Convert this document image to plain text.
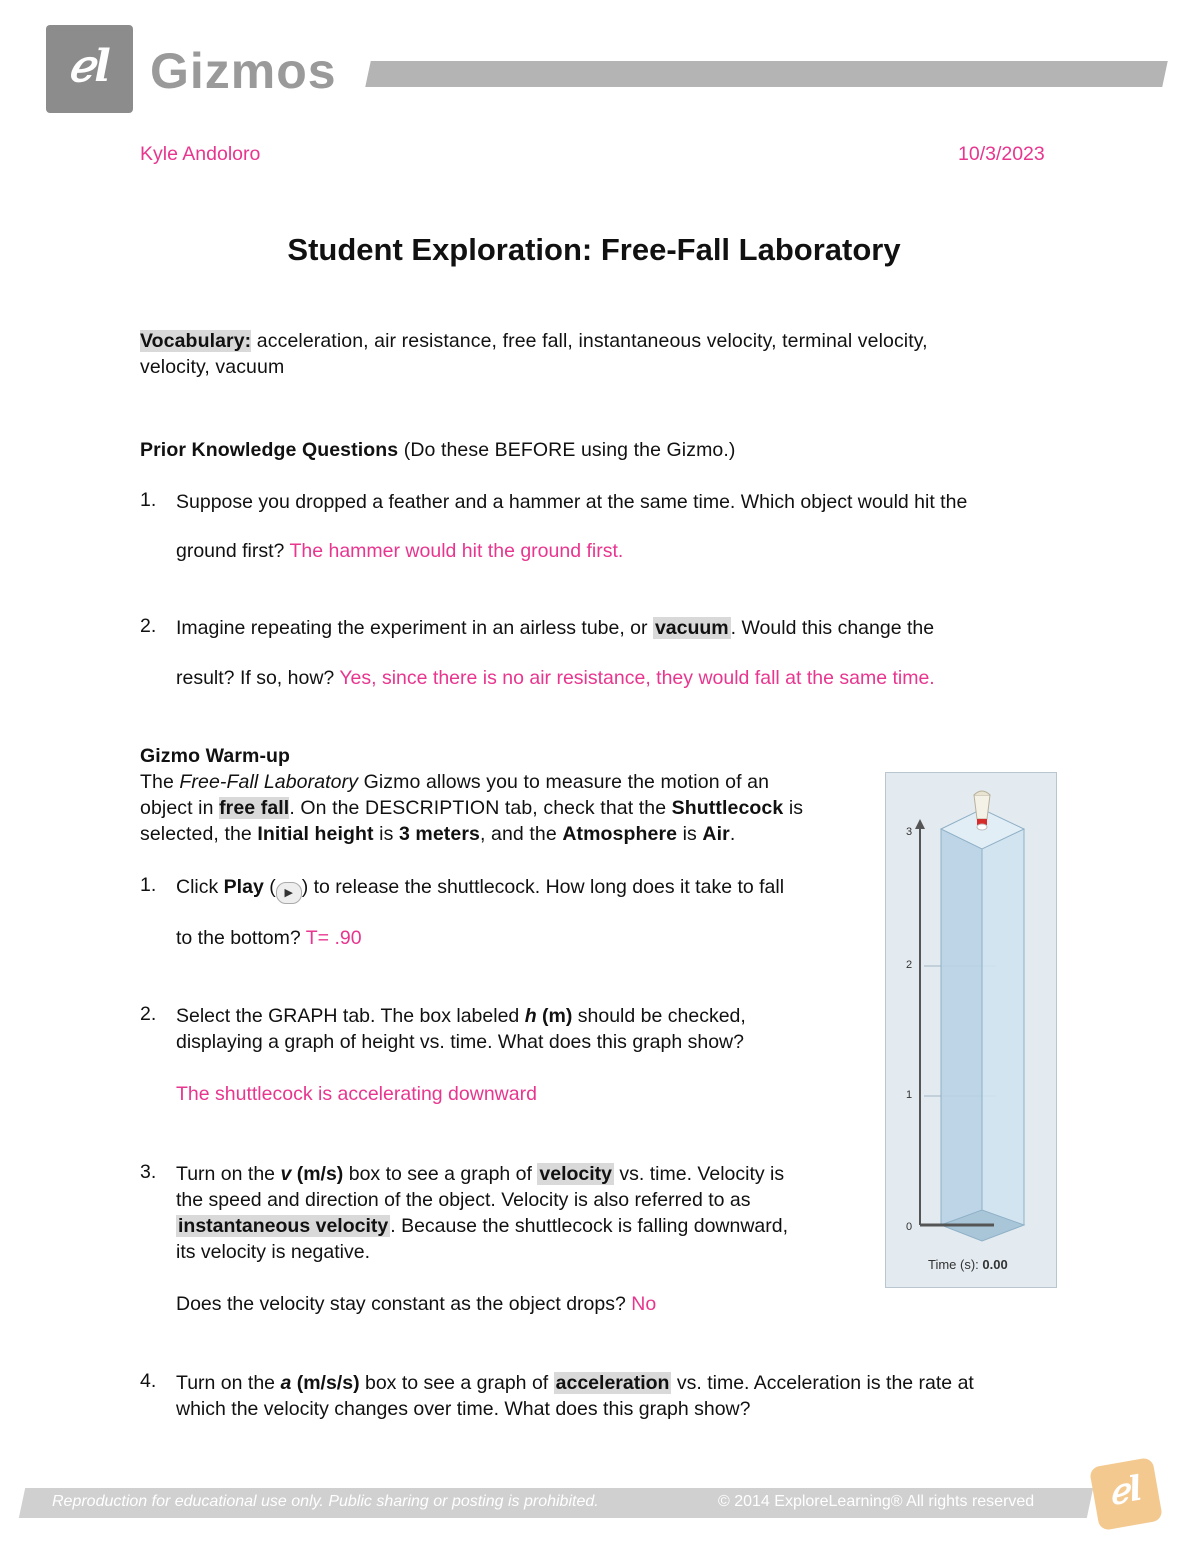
ℯl Gizmos
Kyle Andoloro	10/3/2023
Student Exploration: Free-Fall Laboratory
Vocabulary: acceleration, air resistance, free fall, instantaneous velocity, terminal velocity,
velocity, vacuum
Prior Knowledge Questions (Do these BEFORE using the Gizmo.)
1. Suppose you dropped a feather and a hammer at the same time. Which object would hit the
ground first? The hammer would hit the ground first.
2. Imagine repeating the experiment in an airless tube, or vacuum . Would this change the
result? If so, how? Yes, since there is no air resistance, they would fall at the same time.
Gizmo Warm-up
The Free-Fall Laboratory Gizmo allows you to measure the motion of an
object in free fall. On the DESCRIPTION tab, check that the Shuttlecock is
selected, the Initial height is 3 meters, and the Atmosphere is Air.
1. Click Play ( ▶ ) to release the shuttlecock. How long does it take to fall
to the bottom? T= .90
2. Select the GRAPH tab. The box labeled h (m) should be checked,
displaying a graph of height vs. time. What does this graph show?
The shuttlecock is accelerating downward
3. Turn on the v (m/s) box to see a graph of velocity vs. time. Velocity is
the speed and direction of the object. Velocity is also referred to as
instantaneous velocity . Because the shuttlecock is falling downward,
its velocity is negative.
Does the velocity stay constant as the object drops? No
4. Turn on the a (m/s/s) box to see a graph of acceleration vs. time. Acceleration is the rate at
which the velocity changes over time. What does this graph show?
3
2
1
0
Time (s): 0.00
Reproduction for educational use only. Public sharing or posting is prohibited.	© 2014 ExploreLearning® All rights reserved	ℯl
